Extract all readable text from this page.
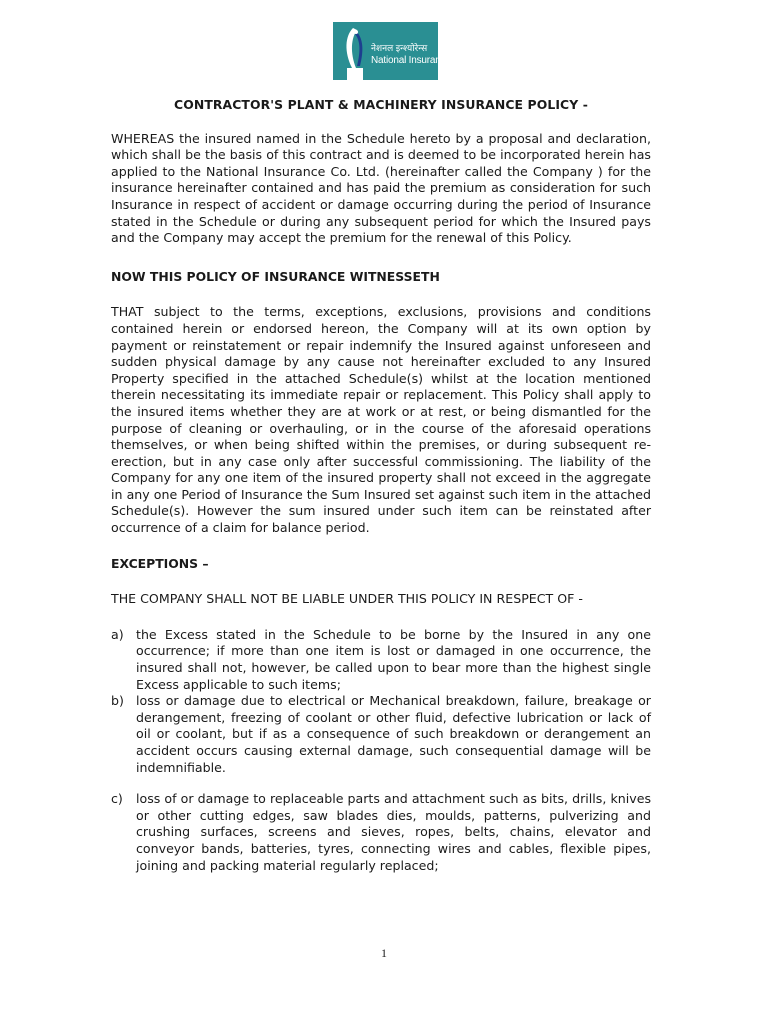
नेशनल इन्श्योरेन्स
National Insurance
CONTRACTOR'S PLANT & MACHINERY INSURANCE POLICY -

WHEREAS the insured named in the Schedule hereto by a proposal and declaration, which shall be the basis of this contract and is deemed to be incorporated herein has applied to the National Insurance Co. Ltd. (hereinafter called the Company ) for the insurance hereinafter contained and has paid the premium as consideration for such Insurance in respect of accident or damage occurring during the period of Insurance stated in the Schedule or during any subsequent period for which the Insured pays and the Company may accept the premium for the renewal of this Policy.

NOW THIS POLICY OF INSURANCE WITNESSETH

THAT subject to the terms, exceptions, exclusions, provisions and conditions contained herein or endorsed hereon, the Company will at its own option by payment or reinstatement or repair indemnify the Insured against unforeseen and sudden physical damage by any cause not hereinafter excluded to any Insured Property specified in the attached Schedule(s) whilst at the location mentioned therein necessitating its immediate repair or replacement. This Policy shall apply to the insured items whether they are at work or at rest, or being dismantled for the purpose of cleaning or overhauling, or in the course of the aforesaid operations themselves, or when being shifted within the premises, or during subsequent re-erection, but in any case only after successful commissioning. The liability of the Company for any one item of the insured property shall not exceed in the aggregate in any one Period of Insurance the Sum Insured set against such item in the attached Schedule(s). However the sum insured under such item can be reinstated after occurrence of a claim for balance period.

EXCEPTIONS –

THE COMPANY SHALL NOT BE LIABLE UNDER THIS POLICY IN RESPECT OF -

a) the Excess stated in the Schedule to be borne by the Insured in any one occurrence; if more than one item is lost or damaged in one occurrence, the insured shall not, however, be called upon to bear more than the highest single Excess applicable to such items;
b) loss or damage due to electrical or Mechanical breakdown, failure, breakage or derangement, freezing of coolant or other fluid, defective lubrication or lack of oil or coolant, but if as a consequence of such breakdown or derangement an accident occurs causing external damage, such consequential damage will be indemnifiable.
c)	loss of or damage to replaceable parts and attachment such as bits, drills, knives or other cutting edges, saw blades dies, moulds, patterns, pulverizing and crushing surfaces, screens and sieves, ropes, belts, chains, elevator and conveyor bands, batteries, tyres, connecting wires and cables, flexible pipes, joining and packing material regularly replaced;
1
